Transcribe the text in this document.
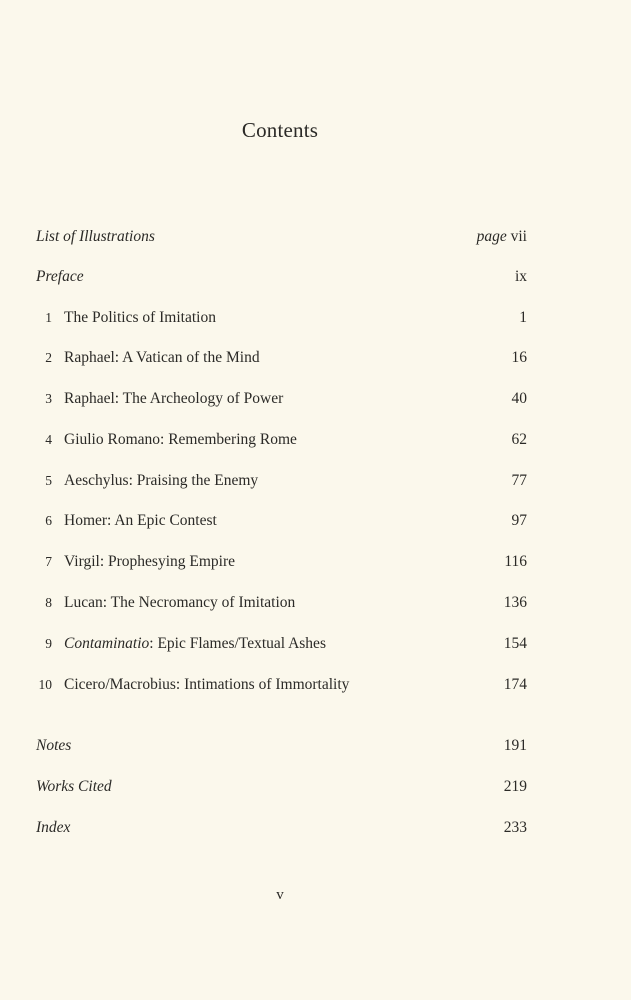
Contents
List of Illustrations	page vii
Preface	ix
1 The Politics of Imitation	1
2 Raphael: A Vatican of the Mind	16
3 Raphael: The Archeology of Power	40
4 Giulio Romano: Remembering Rome	62
5 Aeschylus: Praising the Enemy	77
6 Homer: An Epic Contest	97
7 Virgil: Prophesying Empire	116
8 Lucan: The Necromancy of Imitation	136
9 Contaminatio: Epic Flames/Textual Ashes	154
10 Cicero/Macrobius: Intimations of Immortality	174
Notes	191
Works Cited	219
Index	233
v
